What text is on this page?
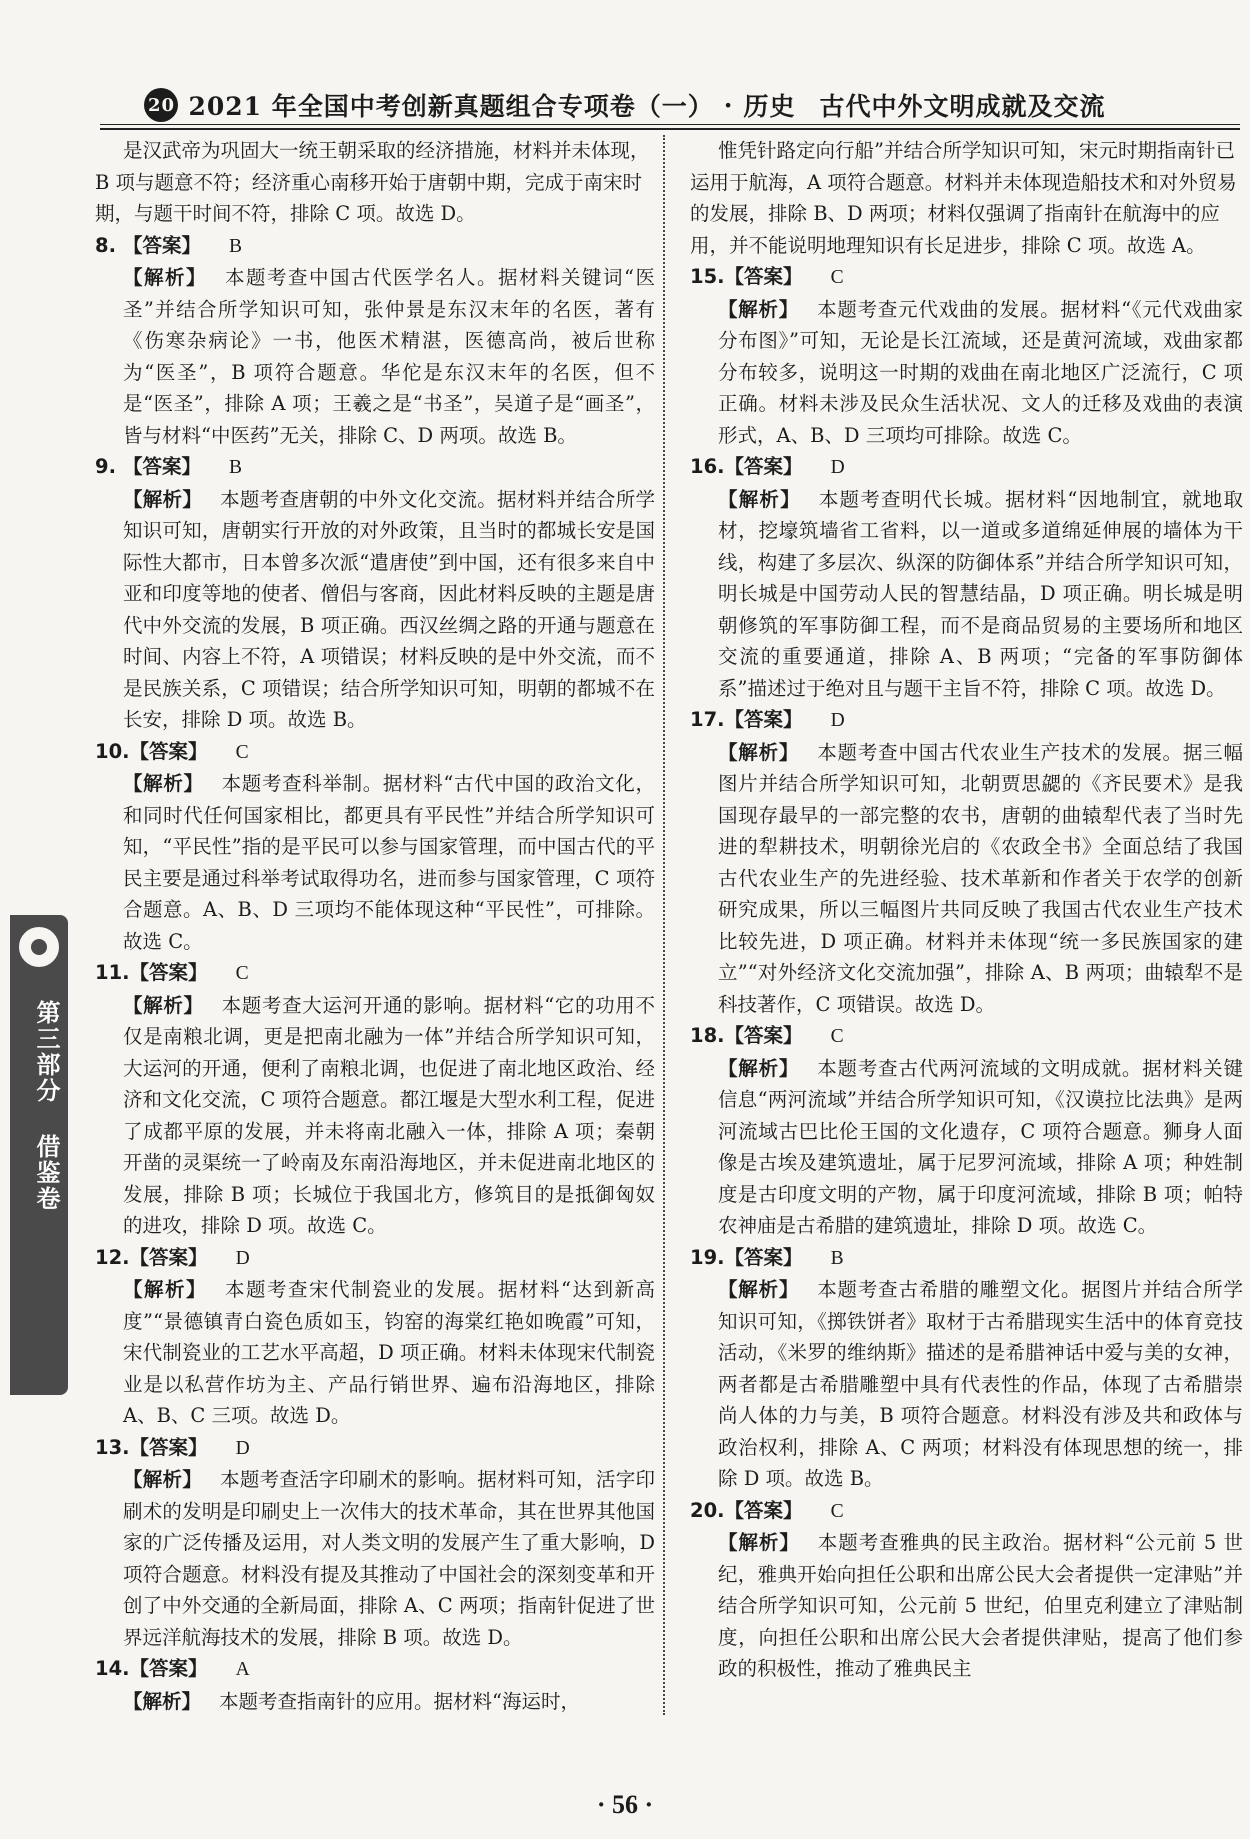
20 2021 年全国中考创新真题组合专项卷（一） · 历史 古代中外文明成就及交流
第三部分 借鉴卷

是汉武帝为巩固大一统王朝采取的经济措施，材料并未体现，B 项与题意不符；经济重心南移开始于唐朝中期，完成于南宋时期，与题干时间不符，排除 C 项。故选 D。

8. 【答案】 B

【解析】 本题考查中国古代医学名人。据材料关键词“医圣”并结合所学知识可知，张仲景是东汉末年的名医，著有《伤寒杂病论》一书，他医术精湛，医德高尚，被后世称为“医圣”，B 项符合题意。华佗是东汉末年的名医，但不是“医圣”，排除 A 项；王羲之是“书圣”，吴道子是“画圣”，皆与材料“中医药”无关，排除 C、D 两项。故选 B。

9. 【答案】 B

【解析】 本题考查唐朝的中外文化交流。据材料并结合所学知识可知，唐朝实行开放的对外政策，且当时的都城长安是国际性大都市，日本曾多次派“遣唐使”到中国，还有很多来自中亚和印度等地的使者、僧侣与客商，因此材料反映的主题是唐代中外交流的发展，B 项正确。西汉丝绸之路的开通与题意在时间、内容上不符，A 项错误；材料反映的是中外交流，而不是民族关系，C 项错误；结合所学知识可知，明朝的都城不在长安，排除 D 项。故选 B。

10. 【答案】 C

【解析】 本题考查科举制。据材料“古代中国的政治文化，和同时代任何国家相比，都更具有平民性”并结合所学知识可知，“平民性”指的是平民可以参与国家管理，而中国古代的平民主要是通过科举考试取得功名，进而参与国家管理，C 项符合题意。A、B、D 三项均不能体现这种“平民性”，可排除。故选 C。

11. 【答案】 C

【解析】 本题考查大运河开通的影响。据材料“它的功用不仅是南粮北调，更是把南北融为一体”并结合所学知识可知，大运河的开通，便利了南粮北调，也促进了南北地区政治、经济和文化交流，C 项符合题意。都江堰是大型水利工程，促进了成都平原的发展，并未将南北融入一体，排除 A 项；秦朝开凿的灵渠统一了岭南及东南沿海地区，并未促进南北地区的发展，排除 B 项；长城位于我国北方，修筑目的是抵御匈奴的进攻，排除 D 项。故选 C。

12. 【答案】 D

【解析】 本题考查宋代制瓷业的发展。据材料“达到新高度”“景德镇青白瓷色质如玉，钧窑的海棠红艳如晚霞”可知，宋代制瓷业的工艺水平高超，D 项正确。材料未体现宋代制瓷业是以私营作坊为主、产品行销世界、遍布沿海地区，排除 A、B、C 三项。故选 D。

13. 【答案】 D

【解析】 本题考查活字印刷术的影响。据材料可知，活字印刷术的发明是印刷史上一次伟大的技术革命，其在世界其他国家的广泛传播及运用，对人类文明的发展产生了重大影响，D 项符合题意。材料没有提及其推动了中国社会的深刻变革和开创了中外交通的全新局面，排除 A、C 两项；指南针促进了世界远洋航海技术的发展，排除 B 项。故选 D。

14. 【答案】 A

【解析】 本题考查指南针的应用。据材料“海运时，

惟凭针路定向行船”并结合所学知识可知，宋元时期指南针已运用于航海，A 项符合题意。材料并未体现造船技术和对外贸易的发展，排除 B、D 两项；材料仅强调了指南针在航海中的应用，并不能说明地理知识有长足进步，排除 C 项。故选 A。

15. 【答案】 C

【解析】 本题考查元代戏曲的发展。据材料“《元代戏曲家分布图》”可知，无论是长江流域，还是黄河流域，戏曲家都分布较多，说明这一时期的戏曲在南北地区广泛流行，C 项正确。材料未涉及民众生活状况、文人的迁移及戏曲的表演形式，A、B、D 三项均可排除。故选 C。

16. 【答案】 D

【解析】 本题考查明代长城。据材料“因地制宜，就地取材，挖壕筑墙省工省料，以一道或多道绵延伸展的墙体为干线，构建了多层次、纵深的防御体系”并结合所学知识可知，明长城是中国劳动人民的智慧结晶，D 项正确。明长城是明朝修筑的军事防御工程，而不是商品贸易的主要场所和地区交流的重要通道，排除 A、B 两项；“完备的军事防御体系”描述过于绝对且与题干主旨不符，排除 C 项。故选 D。

17. 【答案】 D

【解析】 本题考查中国古代农业生产技术的发展。据三幅图片并结合所学知识可知，北朝贾思勰的《齐民要术》是我国现存最早的一部完整的农书，唐朝的曲辕犁代表了当时先进的犁耕技术，明朝徐光启的《农政全书》全面总结了我国古代农业生产的先进经验、技术革新和作者关于农学的创新研究成果，所以三幅图片共同反映了我国古代农业生产技术比较先进，D 项正确。材料并未体现“统一多民族国家的建立”“对外经济文化交流加强”，排除 A、B 两项；曲辕犁不是科技著作，C 项错误。故选 D。

18. 【答案】 C

【解析】 本题考查古代两河流域的文明成就。据材料关键信息“两河流域”并结合所学知识可知，《汉谟拉比法典》是两河流域古巴比伦王国的文化遗存，C 项符合题意。狮身人面像是古埃及建筑遗址，属于尼罗河流域，排除 A 项；种姓制度是古印度文明的产物，属于印度河流域，排除 B 项；帕特农神庙是古希腊的建筑遗址，排除 D 项。故选 C。

19. 【答案】 B

【解析】 本题考查古希腊的雕塑文化。据图片并结合所学知识可知，《掷铁饼者》取材于古希腊现实生活中的体育竞技活动，《米罗的维纳斯》描述的是希腊神话中爱与美的女神，两者都是古希腊雕塑中具有代表性的作品，体现了古希腊崇尚人体的力与美，B 项符合题意。材料没有涉及共和政体与政治权利，排除 A、C 两项；材料没有体现思想的统一，排除 D 项。故选 B。

20. 【答案】 C

【解析】 本题考查雅典的民主政治。据材料“公元前 5 世纪，雅典开始向担任公职和出席公民大会者提供一定津贴”并结合所学知识可知，公元前 5 世纪，伯里克利建立了津贴制度，向担任公职和出席公民大会者提供津贴，提高了他们参政的积极性，推动了雅典民主

· 56 ·
